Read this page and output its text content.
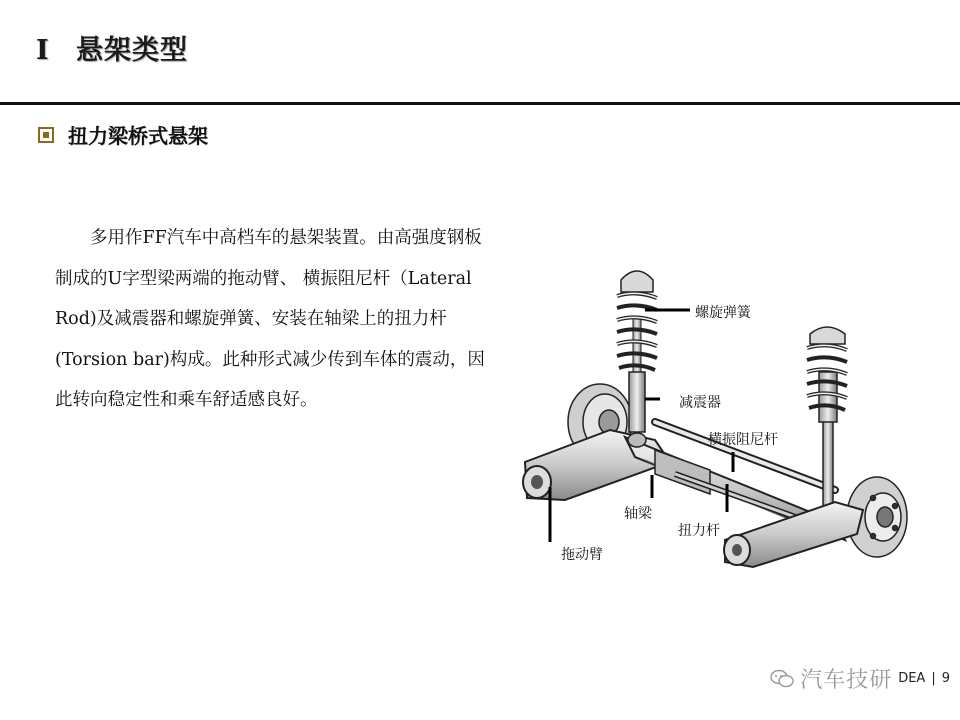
I 悬架类型
扭力梁桥式悬架

多用作FF汽车中高档车的悬架装置。由高强度钢板制成的U字型梁两端的拖动臂、 横振阻尼杆（Lateral Rod)及减震器和螺旋弹簧、安装在轴梁上的扭力杆(Torsion bar)构成。此种形式减少传到车体的震动，因此转向稳定性和乘车舒适感良好。

螺旋弹簧
减震器
横振阻尼杆
轴梁
扭力杆
拖动臂
汽车技研 DEA | 9
